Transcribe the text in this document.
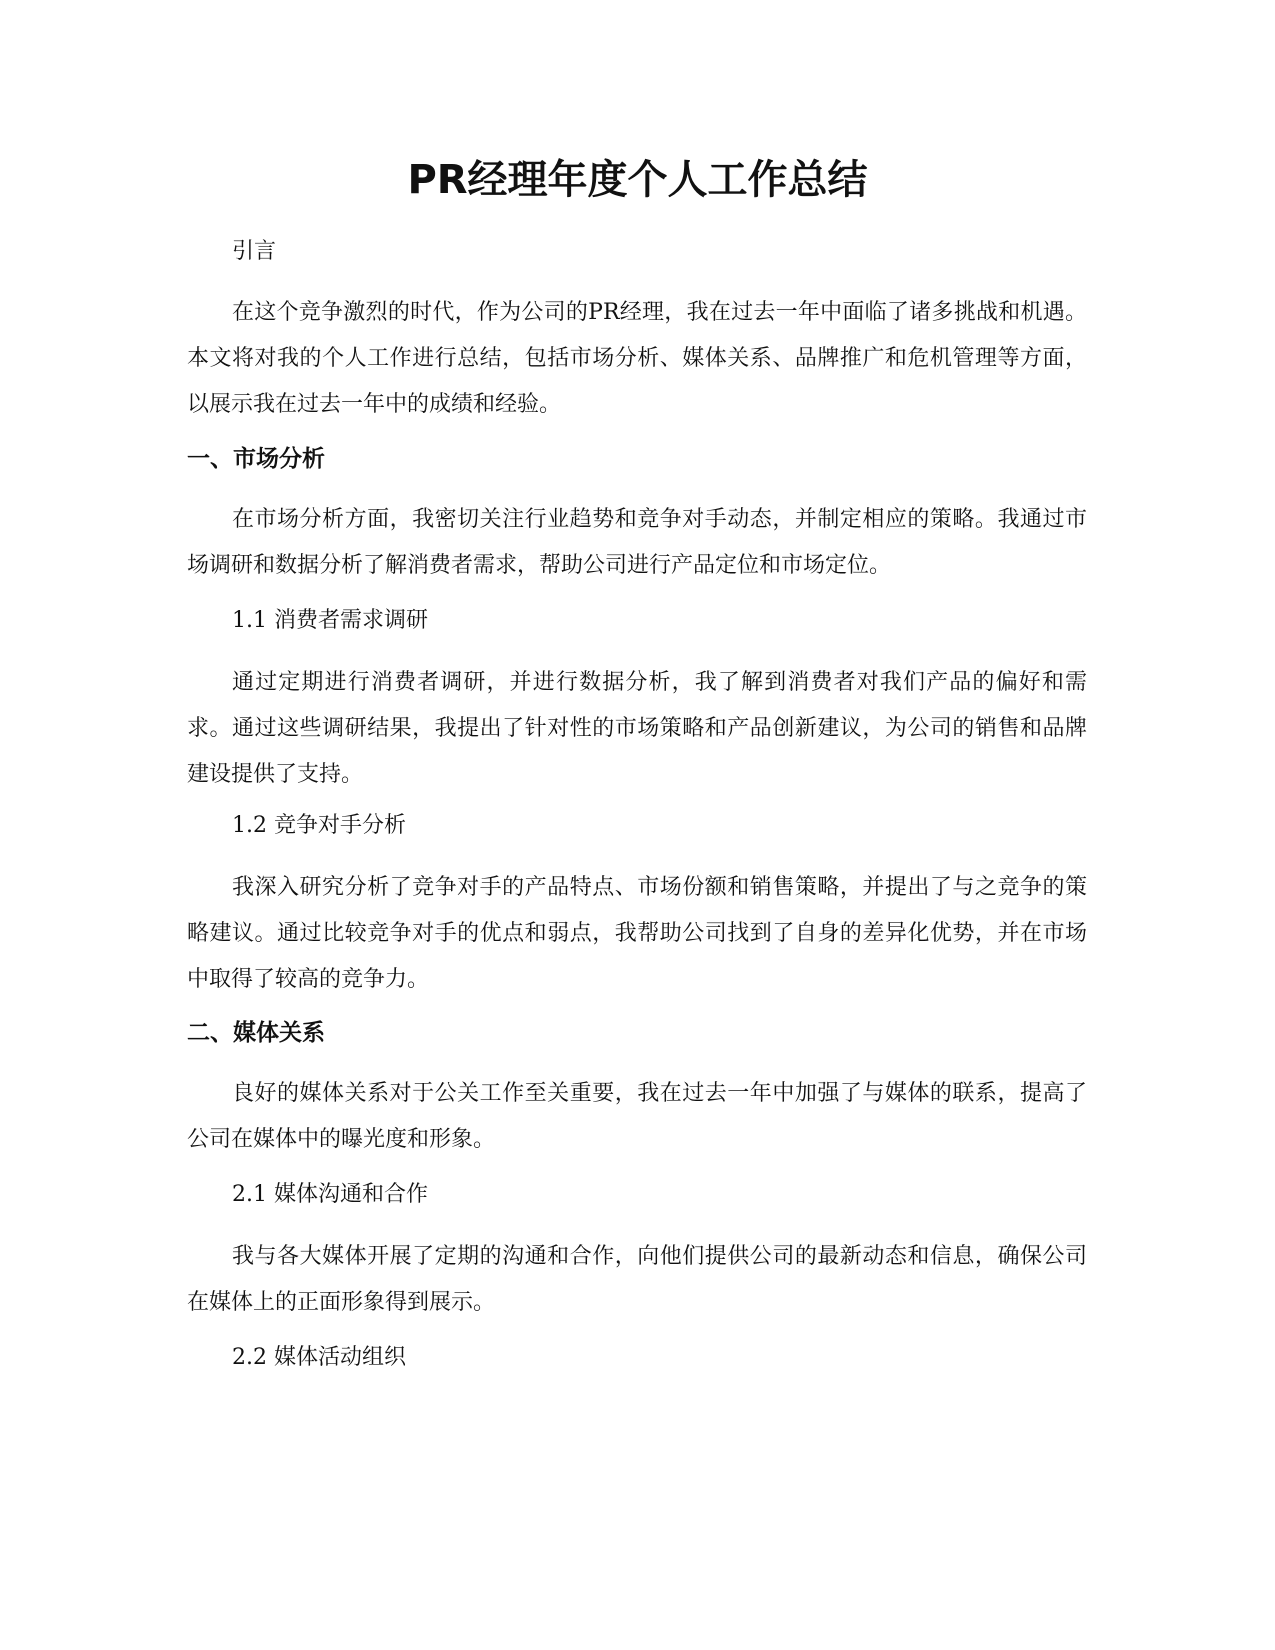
PR经理年度个人工作总结

引言

在这个竞争激烈的时代，作为公司的PR经理，我在过去一年中面临了诸多挑战和机遇。本文将对我的个人工作进行总结，包括市场分析、媒体关系、品牌推广和危机管理等方面，以展示我在过去一年中的成绩和经验。

一、市场分析

在市场分析方面，我密切关注行业趋势和竞争对手动态，并制定相应的策略。我通过市场调研和数据分析了解消费者需求，帮助公司进行产品定位和市场定位。

1.1 消费者需求调研

通过定期进行消费者调研，并进行数据分析，我了解到消费者对我们产品的偏好和需求。通过这些调研结果，我提出了针对性的市场策略和产品创新建议，为公司的销售和品牌建设提供了支持。

1.2 竞争对手分析

我深入研究分析了竞争对手的产品特点、市场份额和销售策略，并提出了与之竞争的策略建议。通过比较竞争对手的优点和弱点，我帮助公司找到了自身的差异化优势，并在市场中取得了较高的竞争力。

二、媒体关系

良好的媒体关系对于公关工作至关重要，我在过去一年中加强了与媒体的联系，提高了公司在媒体中的曝光度和形象。

2.1 媒体沟通和合作

我与各大媒体开展了定期的沟通和合作，向他们提供公司的最新动态和信息，确保公司在媒体上的正面形象得到展示。

2.2 媒体活动组织
